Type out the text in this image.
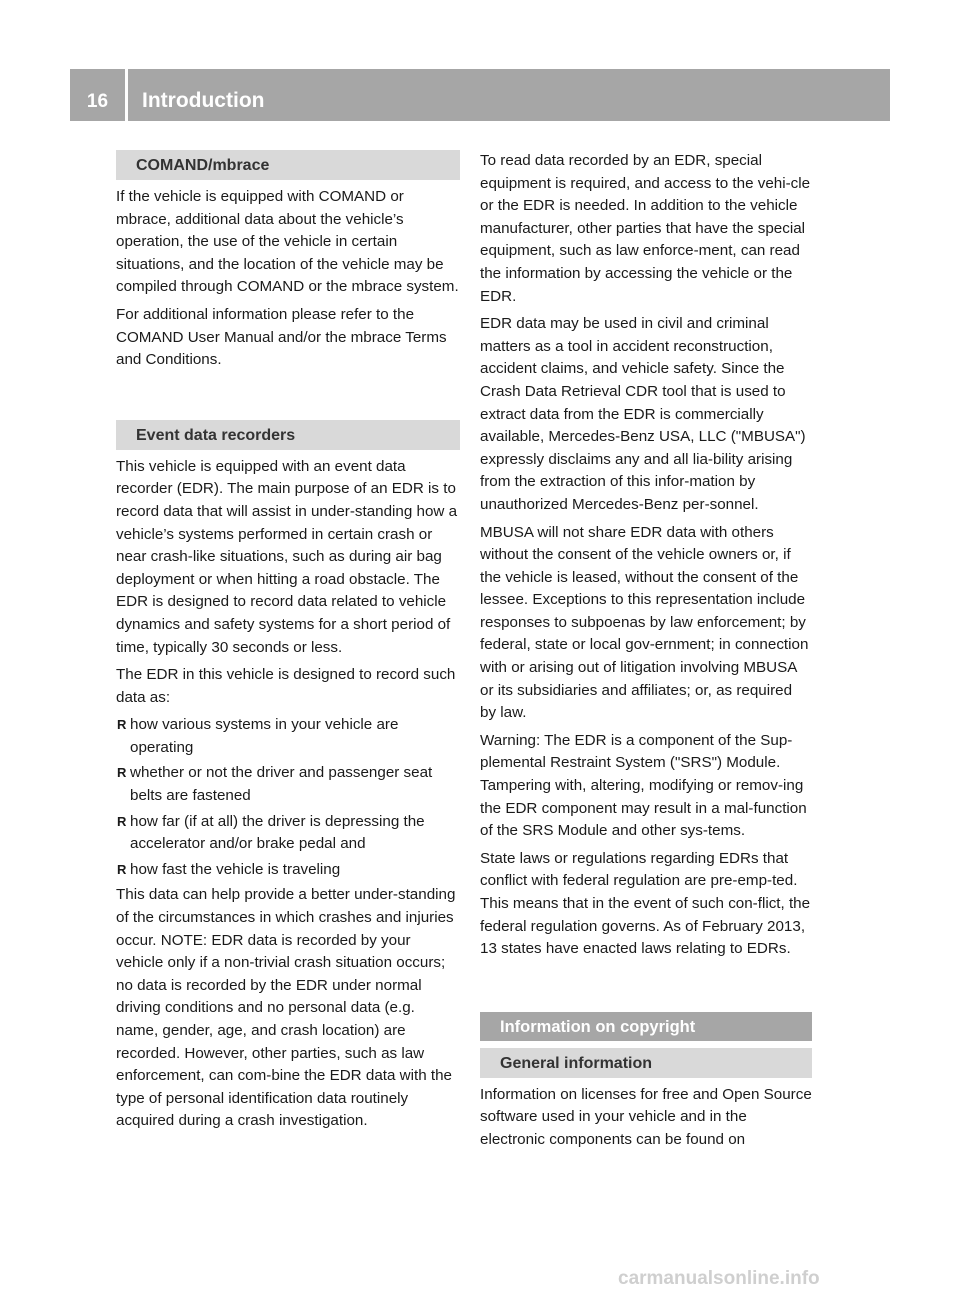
16	Introduction
COMAND/mbrace

If the vehicle is equipped with COMAND or mbrace, additional data about the vehicle’s operation, the use of the vehicle in certain situations, and the location of the vehicle may be compiled through COMAND or the mbrace system.

For additional information please refer to the COMAND User Manual and/or the mbrace Terms and Conditions.

Event data recorders

This vehicle is equipped with an event data recorder (EDR). The main purpose of an EDR is to record data that will assist in under-standing how a vehicle’s systems performed in certain crash or near crash-like situations, such as during air bag deployment or when hitting a road obstacle. The EDR is designed to record data related to vehicle dynamics and safety systems for a short period of time, typically 30 seconds or less.

The EDR in this vehicle is designed to record such data as:

R how various systems in your vehicle are operating
R whether or not the driver and passenger seat belts are fastened
R how far (if at all) the driver is depressing the accelerator and/or brake pedal and
R how fast the vehicle is traveling

This data can help provide a better under-standing of the circumstances in which crashes and injuries occur. NOTE: EDR data is recorded by your vehicle only if a non-trivial crash situation occurs; no data is recorded by the EDR under normal driving conditions and no personal data (e.g. name, gender, age, and crash location) are recorded. However, other parties, such as law enforcement, can com-bine the EDR data with the type of personal identification data routinely acquired during a crash investigation.

To read data recorded by an EDR, special equipment is required, and access to the vehi-cle or the EDR is needed. In addition to the vehicle manufacturer, other parties that have the special equipment, such as law enforce-ment, can read the information by accessing the vehicle or the EDR.

EDR data may be used in civil and criminal matters as a tool in accident reconstruction, accident claims, and vehicle safety. Since the Crash Data Retrieval CDR tool that is used to extract data from the EDR is commercially available, Mercedes-Benz USA, LLC ("MBUSA") expressly disclaims any and all lia-bility arising from the extraction of this infor-mation by unauthorized Mercedes-Benz per-sonnel.

MBUSA will not share EDR data with others without the consent of the vehicle owners or, if the vehicle is leased, without the consent of the lessee. Exceptions to this representation include responses to subpoenas by law enforcement; by federal, state or local gov-ernment; in connection with or arising out of litigation involving MBUSA or its subsidiaries and affiliates; or, as required by law.

Warning: The EDR is a component of the Sup-plemental Restraint System ("SRS") Module. Tampering with, altering, modifying or remov-ing the EDR component may result in a mal-function of the SRS Module and other sys-tems.

State laws or regulations regarding EDRs that conflict with federal regulation are pre-emp-ted. This means that in the event of such con-flict, the federal regulation governs. As of February 2013, 13 states have enacted laws relating to EDRs.

Information on copyright
General information

Information on licenses for free and Open Source software used in your vehicle and in the electronic components can be found on

carmanualsonline.info
